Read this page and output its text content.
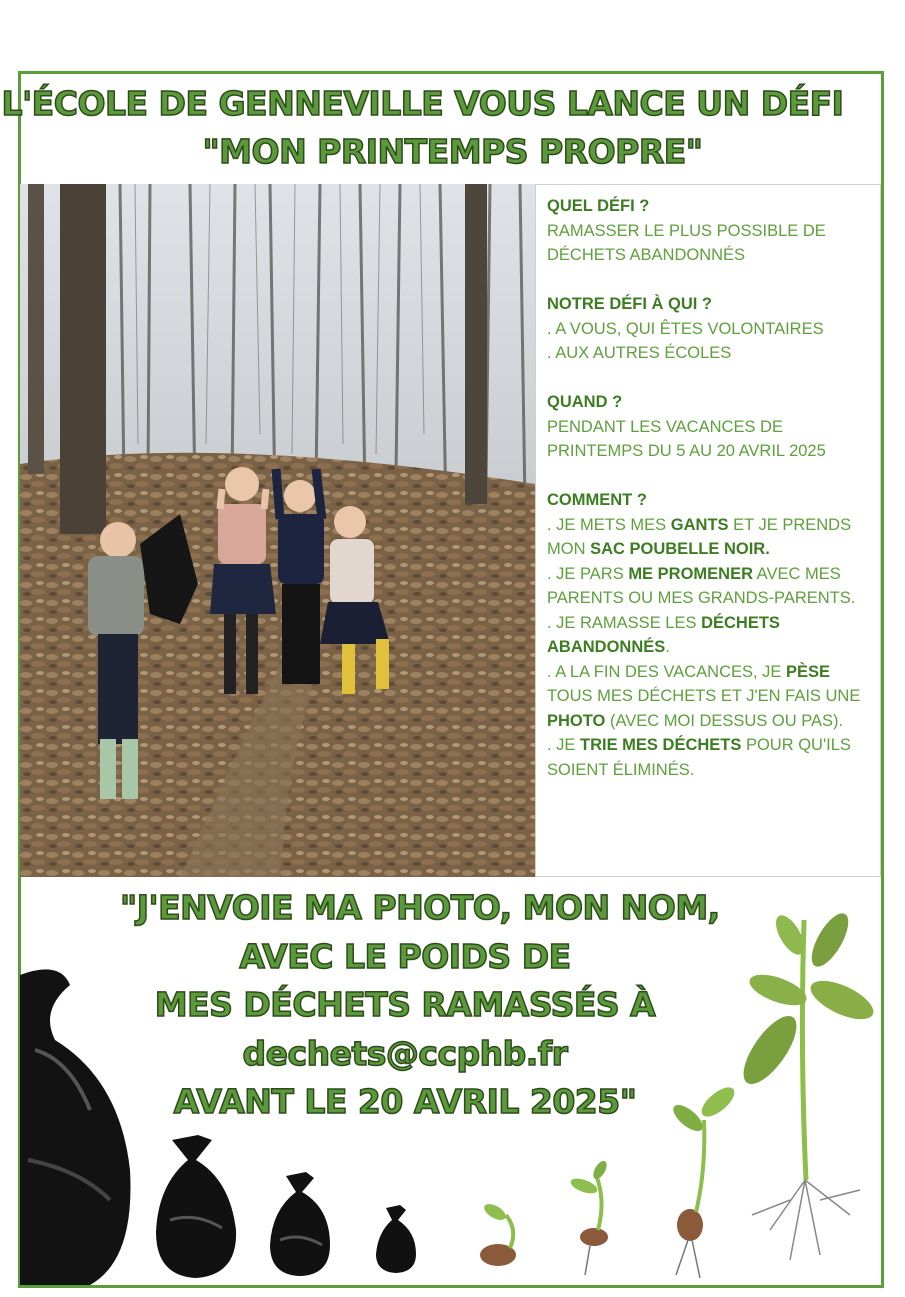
L'ÉCOLE DE GENNEVILLE VOUS LANCE UN DÉFI
"MON PRINTEMPS PROPRE"
QUEL DÉFI ?
RAMASSER LE PLUS POSSIBLE DE
DÉCHETS ABANDONNÉS
NOTRE DÉFI À QUI ?
. A VOUS, QUI ÊTES VOLONTAIRES
. AUX AUTRES ÉCOLES
QUAND ?
PENDANT LES VACANCES DE
PRINTEMPS DU 5 AU 20 AVRIL 2025
COMMENT ?
. JE METS MES GANTS ET JE PRENDS
MON SAC POUBELLE NOIR.
. JE PARS ME PROMENER AVEC MES
PARENTS OU MES GRANDS-PARENTS.
. JE RAMASSE LES DÉCHETS
ABANDONNÉS.
. A LA FIN DES VACANCES, JE PÈSE
TOUS MES DÉCHETS ET J'EN FAIS UNE
PHOTO (AVEC MOI DESSUS OU PAS).
. JE TRIE MES DÉCHETS POUR QU'ILS
SOIENT ÉLIMINÉS.
"J'ENVOIE MA PHOTO, MON NOM,
AVEC LE POIDS DE
MES DÉCHETS RAMASSÉS À
dechets@ccphb.fr
AVANT LE 20 AVRIL 2025"
